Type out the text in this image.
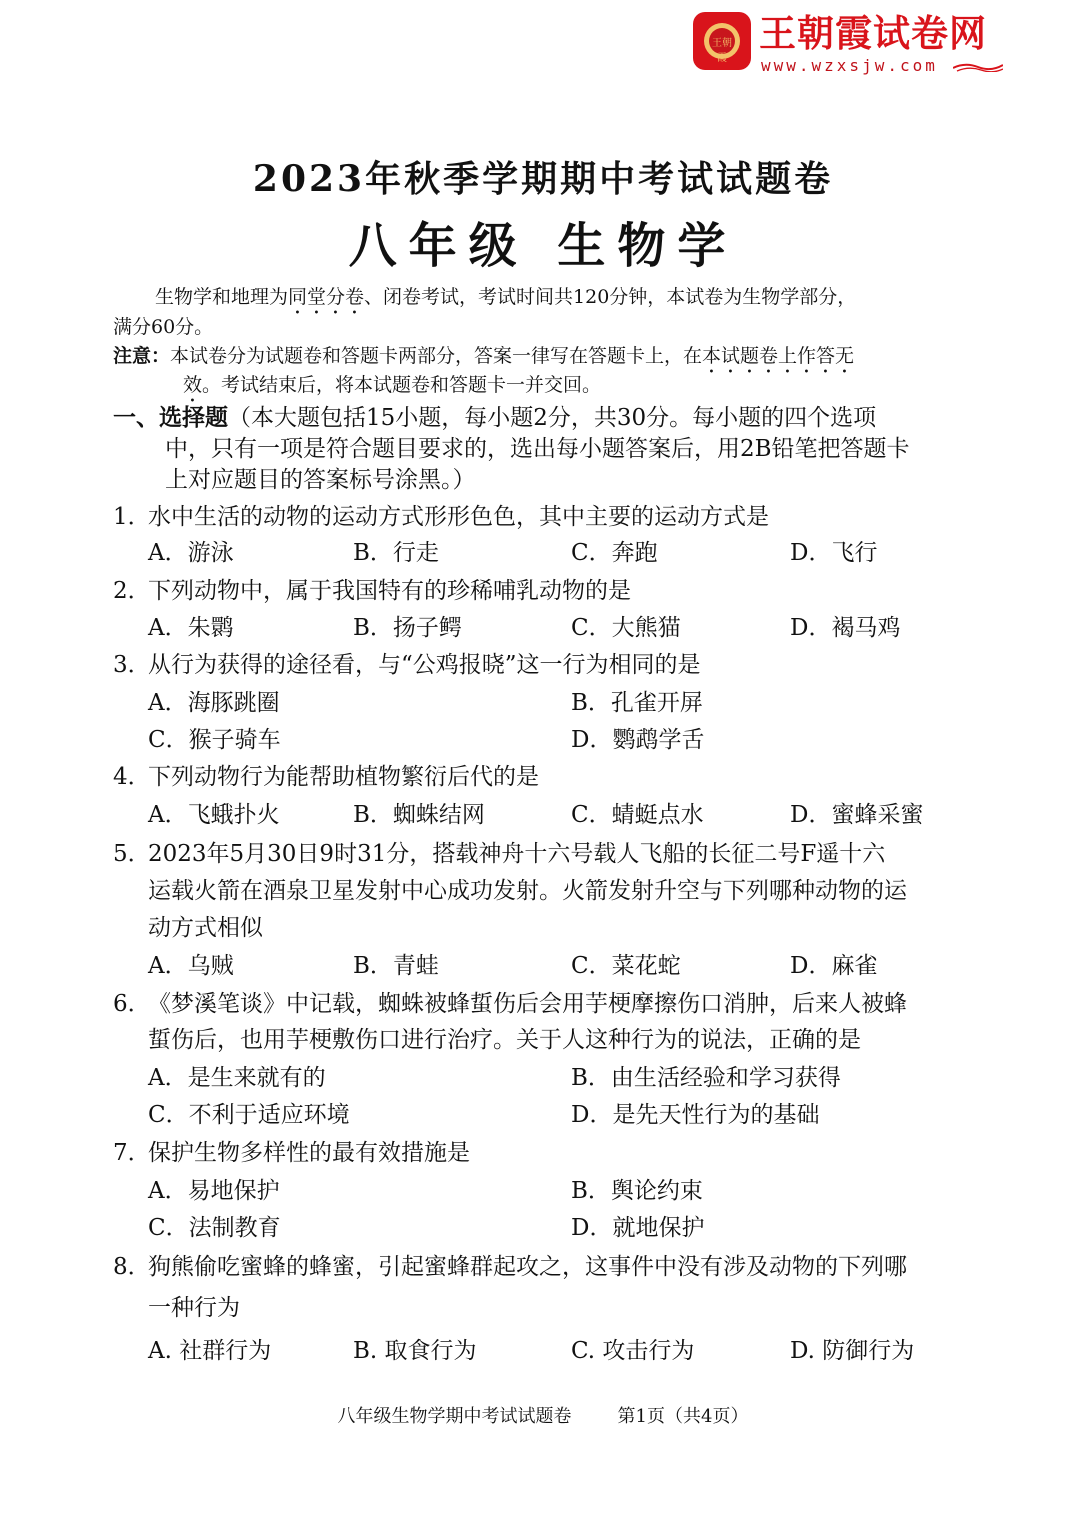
王朝霞
王朝霞试卷网
www.wzxsjw.com
2023年秋季学期期中考试试题卷
八年级 生物学
生物学和地理为同堂分卷、闭卷考试，考试时间共120分钟，本试卷为生物学部分，
满分60分。
注意：本试卷分为试题卷和答题卡两部分，答案一律写在答题卡上，在本试题卷上作答无
效。考试结束后，将本试题卷和答题卡一并交回。
一、选择题（本大题包括15小题，每小题2分，共30分。每小题的四个选项
中，只有一项是符合题目要求的，选出每小题答案后，用2B铅笔把答题卡
上对应题目的答案标号涂黑。）
1．水中生活的动物的运动方式形形色色，其中主要的运动方式是
A．游泳	B．行走	C．奔跑	D．飞行
2．下列动物中，属于我国特有的珍稀哺乳动物的是
A．朱鹮	B．扬子鳄	C．大熊猫	D．褐马鸡
3．从行为获得的途径看，与“公鸡报晓”这一行为相同的是
A．海豚跳圈	B．孔雀开屏
C．猴子骑车	D．鹦鹉学舌
4．下列动物行为能帮助植物繁衍后代的是
A．飞蛾扑火	B．蜘蛛结网	C．蜻蜓点水	D．蜜蜂采蜜
5．2023年5月30日9时31分，搭载神舟十六号载人飞船的长征二号F遥十六
运载火箭在酒泉卫星发射中心成功发射。火箭发射升空与下列哪种动物的运
动方式相似
A．乌贼	B．青蛙	C．菜花蛇	D．麻雀
6．《梦溪笔谈》中记载，蜘蛛被蜂蜇伤后会用芋梗摩擦伤口消肿，后来人被蜂
蜇伤后，也用芋梗敷伤口进行治疗。关于人这种行为的说法，正确的是
A．是生来就有的	B．由生活经验和学习获得
C．不利于适应环境	D．是先天性行为的基础
7．保护生物多样性的最有效措施是
A．易地保护	B．舆论约束
C．法制教育	D．就地保护
8．狗熊偷吃蜜蜂的蜂蜜，引起蜜蜂群起攻之，这事件中没有涉及动物的下列哪
一种行为
A. 社群行为	B. 取食行为	C. 攻击行为	D. 防御行为
八年级生物学期中考试试题卷	第1页（共4页）
